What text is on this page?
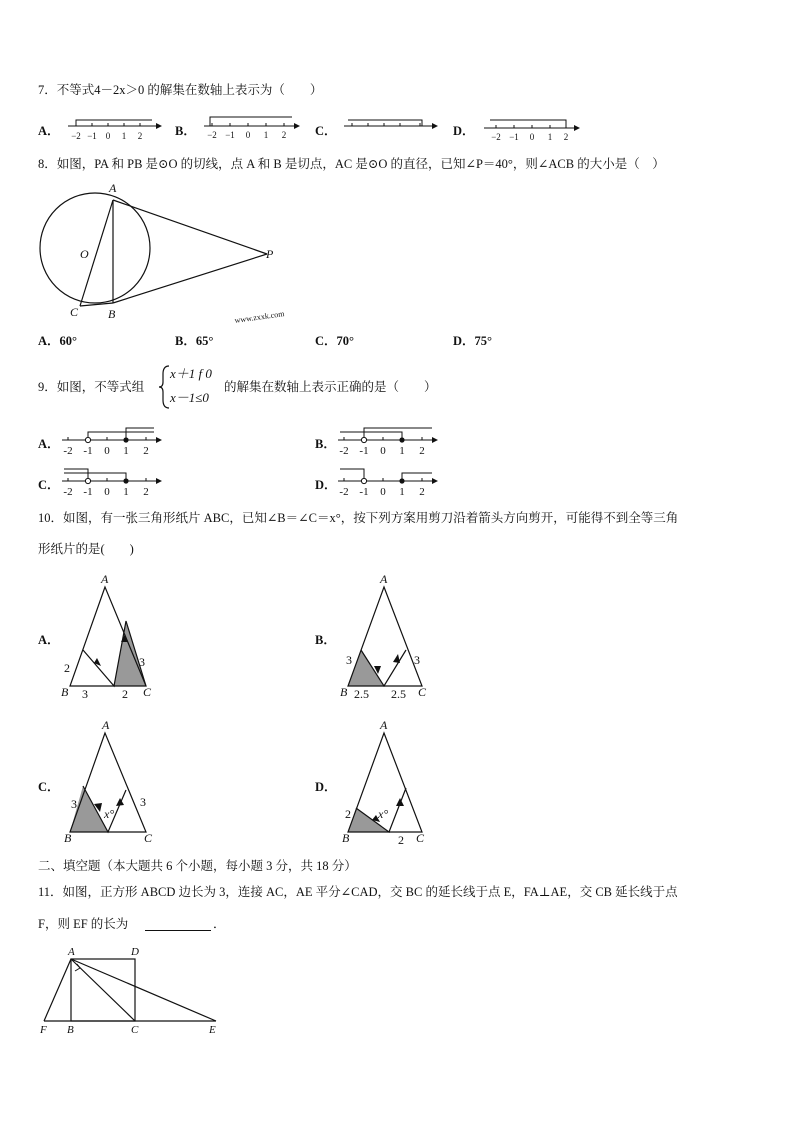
7．不等式4－2x＞0 的解集在数轴上表示为（　　）
A． −2 −1 0 1 2	B． −2 −1 0 1 2 C．	D． −2 −1 0 1 2
8．如图，PA 和 PB 是⊙O 的切线，点 A 和 B 是切点，AC 是⊙O 的直径，已知∠P＝40°，则∠ACB 的大小是（　）
A
O	P
C B	www.zxxk.com
A．60°	B．65°	C．70°	D．75°
9．如图，不等式组
x＋1 f 0
x－1≤0
的解集在数轴上表示正确的是（　　）
A． -2 -1 0 1 2	B． -2 -1 0 1 2
C． -2 -1 0 1 2	D． -2 -1 0 1 2
10．如图，有一张三角形纸片 ABC，已知∠B＝∠C＝x°，按下列方案用剪刀沿着箭头方向剪开，可能得不到全等三角
形纸片的是(　　)
A．
A
B	C
2
3	2
3
B．
A
B	C
3
2.5 2.5
3
C．
A
B	C
3
x°
3
D．
A
B	C
2 x°
2
二、填空题（本大题共 6 个小题，每小题 3 分，共 18 分）
11．如图，正方形 ABCD 边长为 3，连接 AC，AE 平分∠CAD，交 BC 的延长线于点 E，FA⊥AE，交 CB 延长线于点
F，则 EF 的长为	．
A	D
F B	C	E
